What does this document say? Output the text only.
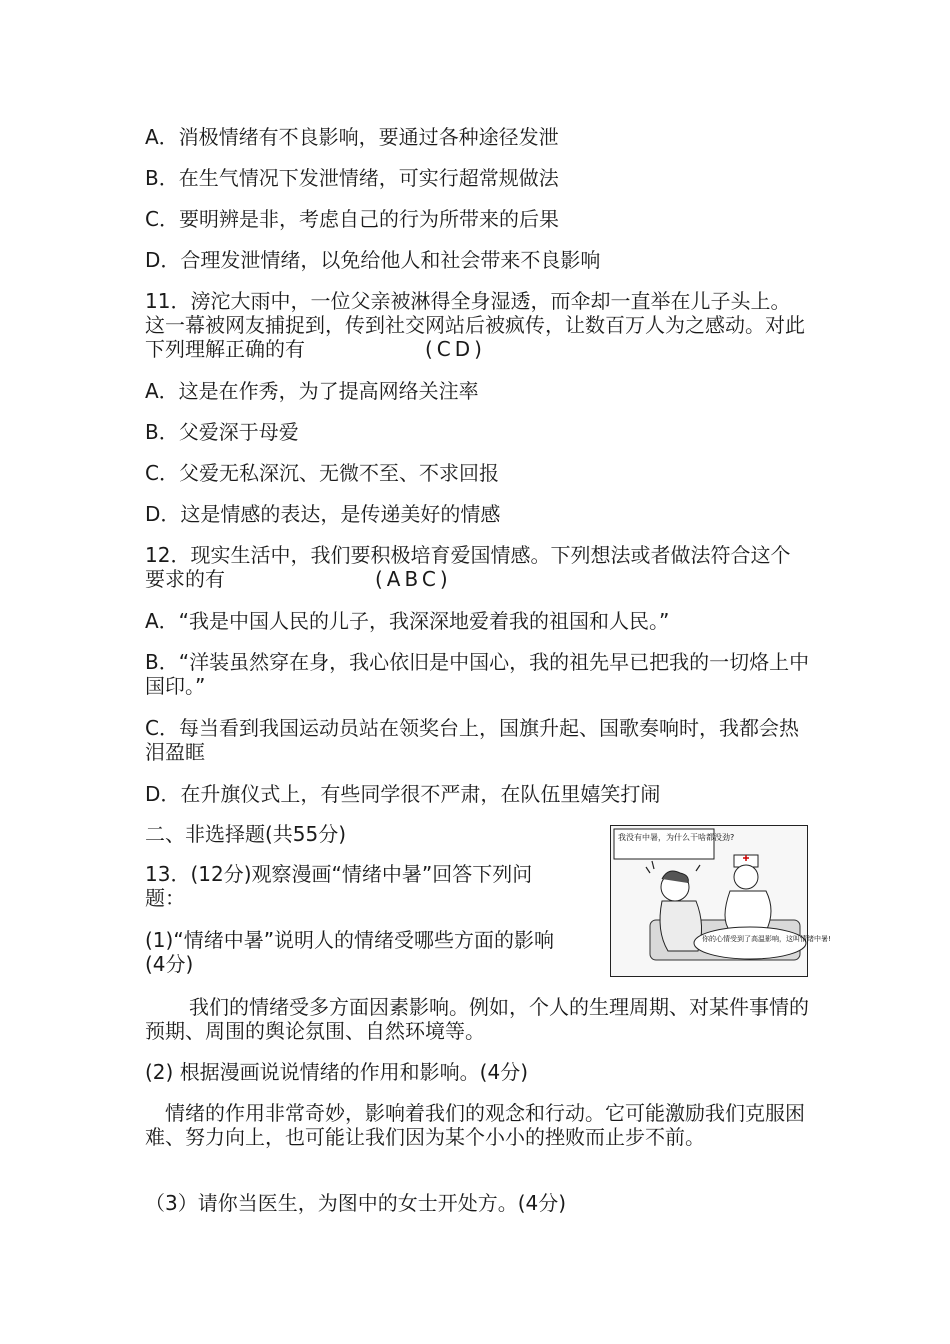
A．消极情绪有不良影响，要通过各种途径发泄
B．在生气情况下发泄情绪，可实行超常规做法
C．要明辨是非，考虑自己的行为所带来的后果
D．合理发泄情绪，以免给他人和社会带来不良影响
11．滂沱大雨中，一位父亲被淋得全身湿透，而伞却一直举在儿子头上。这一幕被网友捕捉到，传到社交网站后被疯传，让数百万人为之感动。对此下列理解正确的有	(CD)
A．这是在作秀，为了提高网络关注率
B．父爱深于母爱
C．父爱无私深沉、无微不至、不求回报
D．这是情感的表达，是传递美好的情感
12．现实生活中，我们要积极培育爱国情感。下列想法或者做法符合这个要求的有	(ABC)
A．“我是中国人民的儿子，我深深地爱着我的祖国和人民。”
B．“洋装虽然穿在身，我心依旧是中国心，我的祖先早已把我的一切烙上中国印。”
C．每当看到我国运动员站在领奖台上，国旗升起、国歌奏响时，我都会热泪盈眶
D．在升旗仪式上，有些同学很不严肃，在队伍里嬉笑打闹
二、非选择题(共55分)
13．(12分)观察漫画“情绪中暑”回答下列问题：
(1)“情绪中暑”说明人的情绪受哪些方面的影响(4分)
我们的情绪受多方面因素影响。例如，个人的生理周期、对某件事情的预期、周围的舆论氛围、自然环境等。
(2) 根据漫画说说情绪的作用和影响。(4分)
情绪的作用非常奇妙，影响着我们的观念和行动。它可能激励我们克服困难、努力向上，也可能让我们因为某个小小的挫败而止步不前。
（3）请你当医生，为图中的女士开处方。(4分)
我没有中暑，为什么干啥都没劲?
你的心情受到了高温影响，这叫情绪中暑!
